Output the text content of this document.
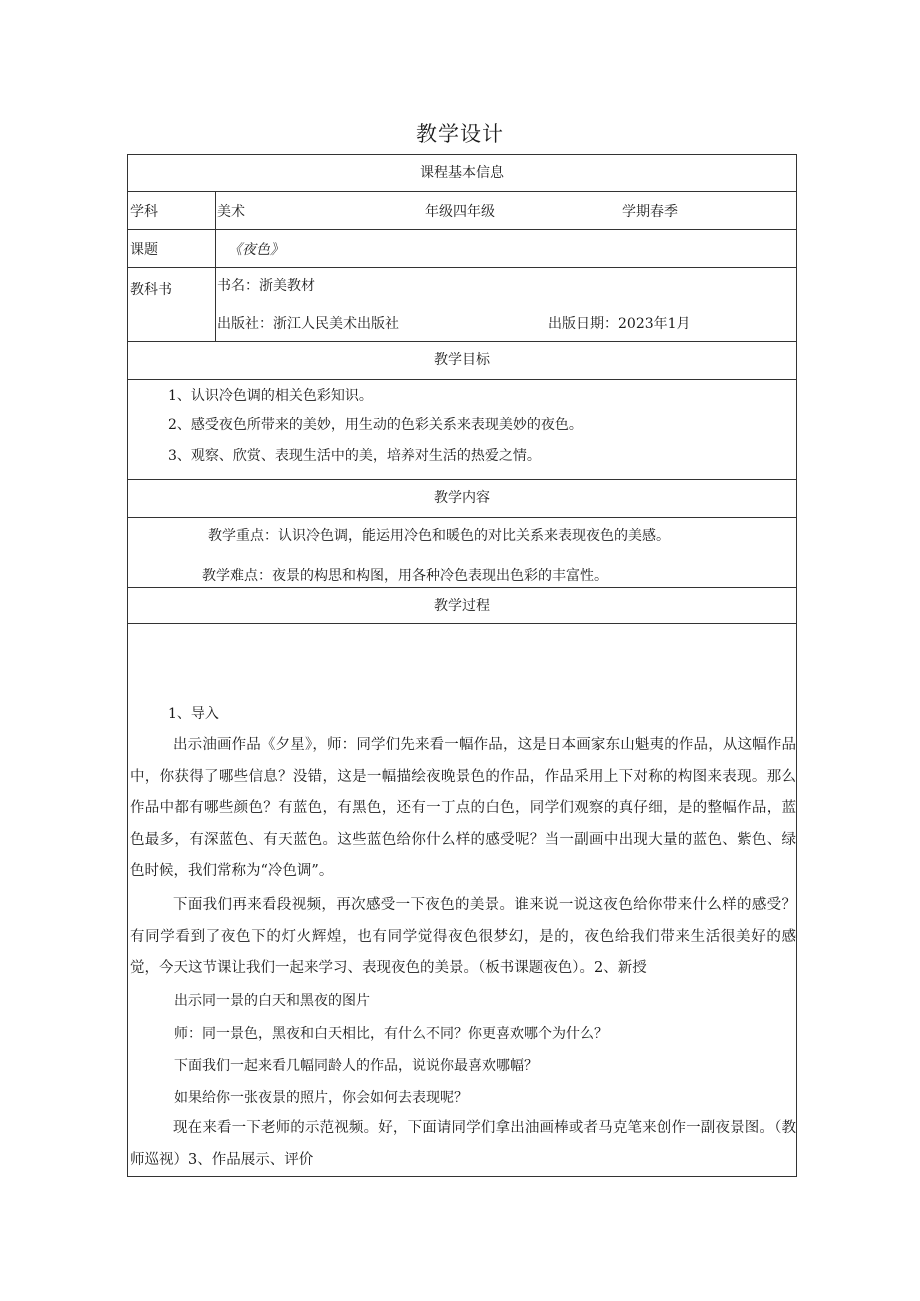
教学设计
课程基本信息
学科	美术	年级四年级	学期春季
课题	《夜色》
教科书	书名：浙美教材
出版社：浙江人民美术出版社	出版日期：2023年1月
教学目标
1、认识冷色调的相关色彩知识。
2、感受夜色所带来的美妙，用生动的色彩关系来表现美妙的夜色。
3、观察、欣赏、表现生活中的美，培养对生活的热爱之情。
教学内容
教学重点：认识冷色调，能运用冷色和暖色的对比关系来表现夜色的美感。
教学难点：夜景的构思和构图，用各种冷色表现出色彩的丰富性。
教学过程
1、导入
出示油画作品《夕星》，师：同学们先来看一幅作品，这是日本画家东山魁夷的作品，从这幅作品中，你获得了哪些信息？没错，这是一幅描绘夜晚景色的作品，作品采用上下对称的构图来表现。那么作品中都有哪些颜色？有蓝色，有黑色，还有一丁点的白色，同学们观察的真仔细，是的整幅作品，蓝色最多，有深蓝色、有天蓝色。这些蓝色给你什么样的感受呢？当一副画中出现大量的蓝色、紫色、绿色时候，我们常称为“冷色调”。
下面我们再来看段视频，再次感受一下夜色的美景。谁来说一说这夜色给你带来什么样的感受？有同学看到了夜色下的灯火辉煌，也有同学觉得夜色很梦幻，是的，夜色给我们带来生活很美好的感觉，今天这节课让我们一起来学习、表现夜色的美景。（板书课题夜色）。2、新授
出示同一景的白天和黑夜的图片
师：同一景色，黑夜和白天相比，有什么不同？你更喜欢哪个为什么？
下面我们一起来看几幅同龄人的作品，说说你最喜欢哪幅？
如果给你一张夜景的照片，你会如何去表现呢？
现在来看一下老师的示范视频。好，下面请同学们拿出油画棒或者马克笔来创作一副夜景图。（教师巡视）3、作品展示、评价
